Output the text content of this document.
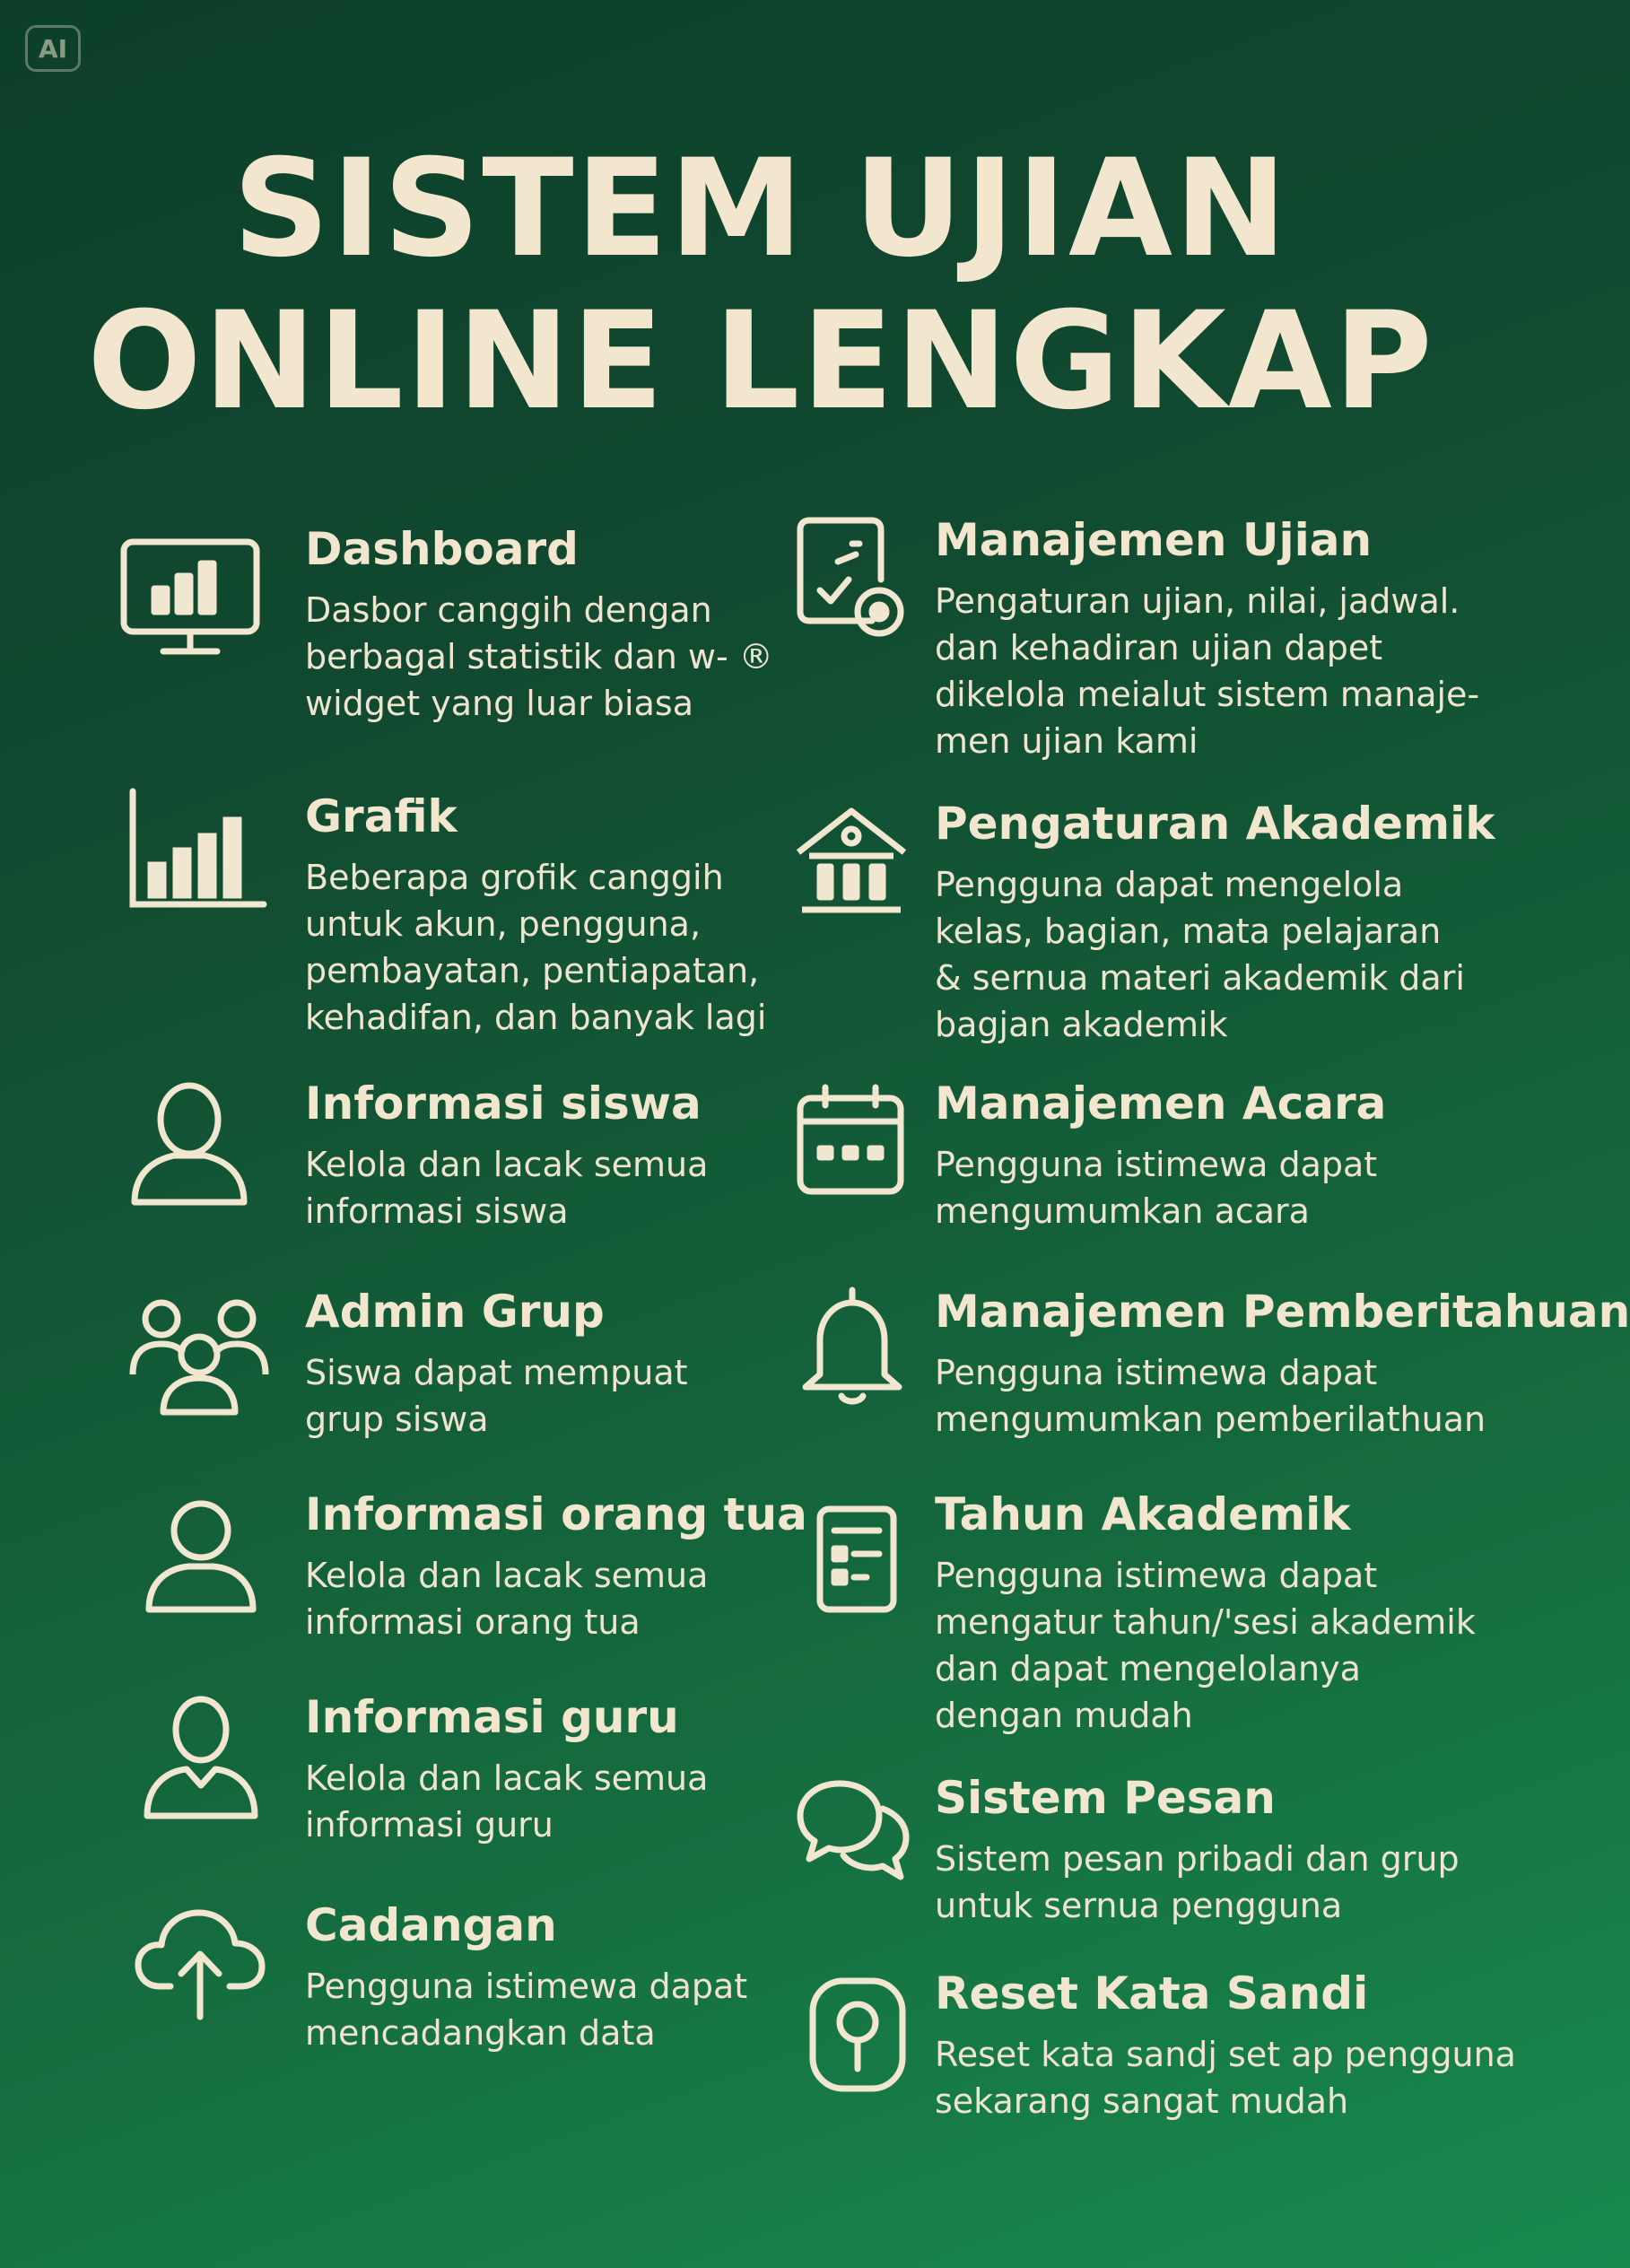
AI
SISTEM UJIAN
ONLINE LENGKAP
Dashboard
Dasbor canggih dengan
berbagal statistik dan w- ®
widget yang luar biasa
Grafik
Beberapa grofik canggih
untuk akun, pengguna,
pembayatan, pentiapatan,
kehadifan, dan banyak lagi
Informasi siswa
Kelola dan lacak semua
informasi siswa
Admin Grup
Siswa dapat mempuat
grup siswa
Informasi orang tua
Kelola dan lacak semua
informasi orang tua
Informasi guru
Kelola dan lacak semua
informasi guru
Cadangan
Pengguna istimewa dapat
mencadangkan data
Manajemen Ujian
Pengaturan ujian, nilai, jadwal.
dan kehadiran ujian dapet
dikelola meialut sistem manaje-
men ujian kami
Pengaturan Akademik
Pengguna dapat mengelola
kelas, bagian, mata pelajaran
& sernua materi akademik dari
bagjan akademik
Manajemen Acara
Pengguna istimewa dapat
mengumumkan acara
Manajemen Pemberitahuan
Pengguna istimewa dapat
mengumumkan pemberilathuan
Tahun Akademik
Pengguna istimewa dapat
mengatur tahun/'sesi akademik
dan dapat mengelolanya
dengan mudah
Sistem Pesan
Sistem pesan pribadi dan grup
untuk sernua pengguna
Reset Kata Sandi
Reset kata sandj set ap pengguna
sekarang sangat mudah
